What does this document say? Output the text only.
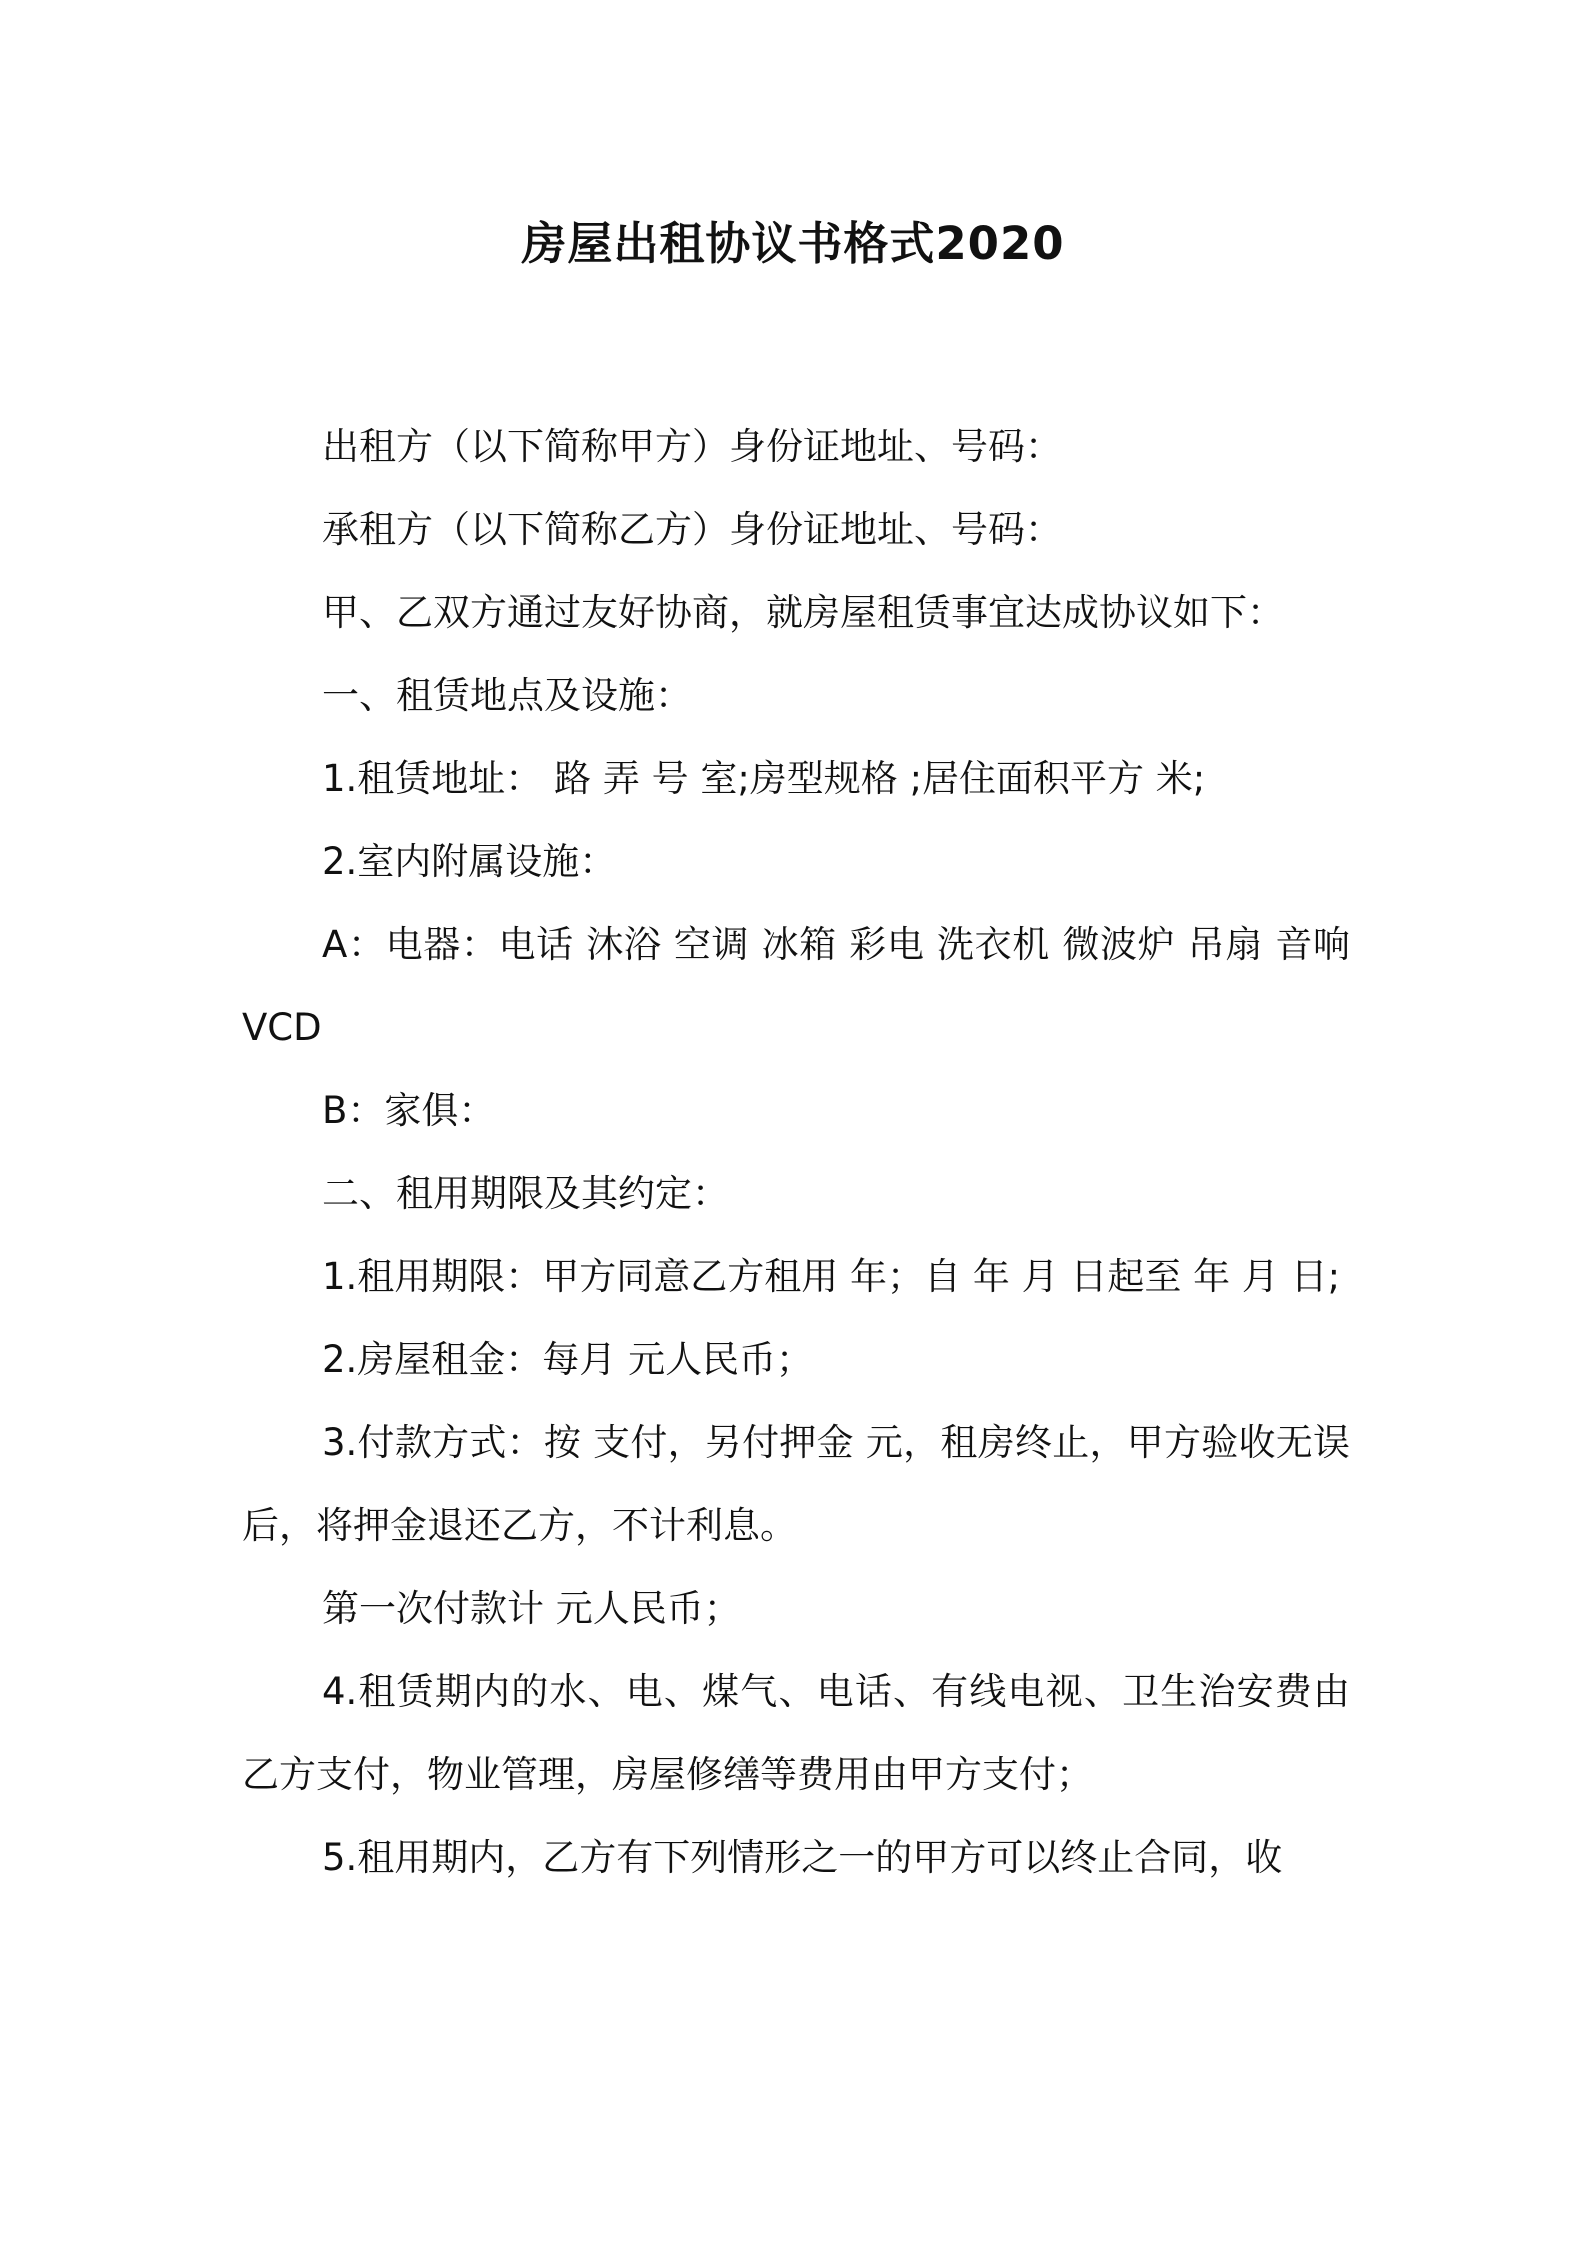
房屋出租协议书格式2020

出租方（以下简称甲方）身份证地址、号码：

承租方（以下简称乙方）身份证地址、号码：

甲、乙双方通过友好协商，就房屋租赁事宜达成协议如下：

一、租赁地点及设施：

1.租赁地址： 路 弄 号 室;房型规格 ;居住面积平方 米;

2.室内附属设施：

A：电器：电话 沐浴 空调 冰箱 彩电 洗衣机 微波炉 吊扇 音响 VCD

B：家俱：

二、租用期限及其约定：

1.租用期限：甲方同意乙方租用 年；自 年 月 日起至 年 月 日;

2.房屋租金：每月 元人民币；

3.付款方式：按 支付，另付押金 元，租房终止，甲方验收无误后，将押金退还乙方，不计利息。

第一次付款计 元人民币；

4.租赁期内的水、电、煤气、电话、有线电视、卫生治安费由乙方支付，物业管理，房屋修缮等费用由甲方支付；

5.租用期内，乙方有下列情形之一的甲方可以终止合同，收
